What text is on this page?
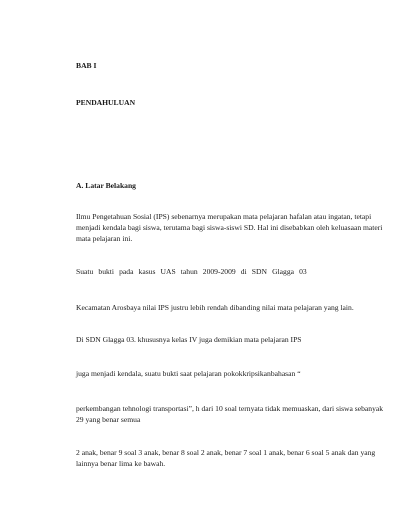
BAB I
PENDAHULUAN
A. Latar Belakang
Ilmu Pengetahuan Sosial (IPS) sebenarnya merupakan mata pelajaran hafalan atau ingatan, tetapi
menjadi kendala bagi siswa, terutama bagi siswa-siswi SD. Hal ini disebabkan oleh keluasaan materi
mata pelajaran ini.
Suatu bukti pada kasus UAS tahun 2009-2009 di SDN Glagga 03
Kecamatan Arosbaya nilai IPS justru lebih rendah dibanding nilai mata pelajaran yang lain.
Di SDN Glagga 03. khususnya kelas IV juga demikian mata pelajaran IPS
juga menjadi kendala, suatu bukti saat pelajaran pokokkripsikanbahasan “
perkembangan tehnologi transportasi”, h dari 10 soal ternyata tidak memuaskan, dari siswa sebanyak
29 yang benar semua
2 anak, benar 9 soal 3 anak, benar 8 soal 2 anak, benar 7 soal 1 anak, benar 6 soal 5 anak dan yang
lainnya benar lima ke bawah.
